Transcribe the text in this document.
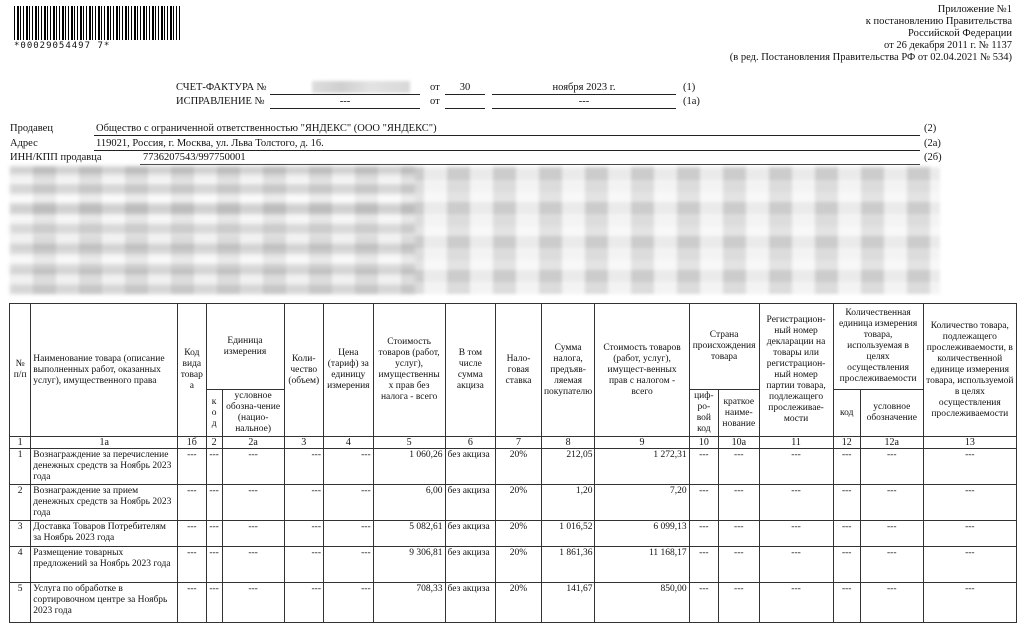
*00029054497 7*
Приложение №1
к постановлению Правительства
Российской Федерации
от 26 декабря 2011 г. № 1137
(в ред. Постановления Правительства РФ от 02.04.2021 № 534)
СЧЕТ-ФАКТУРА №	от	30	ноября 2023 г.	(1)
ИСПРАВЛЕНИЕ №	---	от	---	(1а)
Продавец	Общество с ограниченной ответственностью "ЯНДЕКС" (ООО "ЯНДЕКС")	(2)
Адрес	119021, Россия, г. Москва, ул. Льва Толстого, д. 16.	(2а)
ИНН/КПП продавца	7736207543/997750001	(2б)
№ п/п	Наименование товара (описание выполненных работ, оказанных услуг), имущественного права	Код вида товар а	Единица измерения		Коли-чество (объем)	Цена (тариф) за единицу измерения	Стоимость товаров (работ, услуг), имущественны х прав без налога - всего	В том числе сумма акциза	Нало-говая ставка	Сумма налога, предъяв-ляемая покупателю	Стоимость товаров (работ, услуг), имущест-венных прав с налогом - всего	Страна происхождения товара		Регистрацион-ный номер декларации на товары или регистрацион-ный номер партии товара, подлежащего прослеживае-мости	Количественная единица измерения товара, используемая в целях осуществления прослеживаемости		Количество товара, подлежащего прослеживаемости, в количественной единице измерения товара, используемой в целях осуществления прослеживаемости
			к о д	условное обозна-чение (нацио-нальное)								циф-ро-вой код	краткое наиме-нование		код	условное обозначение	
1	1а	1б	2	2а	3	4	5	6	7	8	9	10	10а	11	12	12а	13
1	Вознаграждение за перечисление денежных средств за Ноябрь 2023 года	---	---	---	---	---	1 060,26	без акциза	20%	212,05	1 272,31	---	---	---	---	---	---
2	Вознаграждение за прием денежных средств за Ноябрь 2023 года	---	---	---	---	---	6,00	без акциза	20%	1,20	7,20	---	---	---	---	---	---
3	Доставка Товаров Потребителям за Ноябрь 2023 года	---	---	---	---	---	5 082,61	без акциза	20%	1 016,52	6 099,13	---	---	---	---	---	---
4	Размещение товарных предложений за Ноябрь 2023 года	---	---	---	---	---	9 306,81	без акциза	20%	1 861,36	11 168,17	---	---	---	---	---	---
5	Услуга по обработке в сортировочном центре за Ноябрь 2023 года	---	---	---	---	---	708,33	без акциза	20%	141,67	850,00	---	---	---	---	---	---
